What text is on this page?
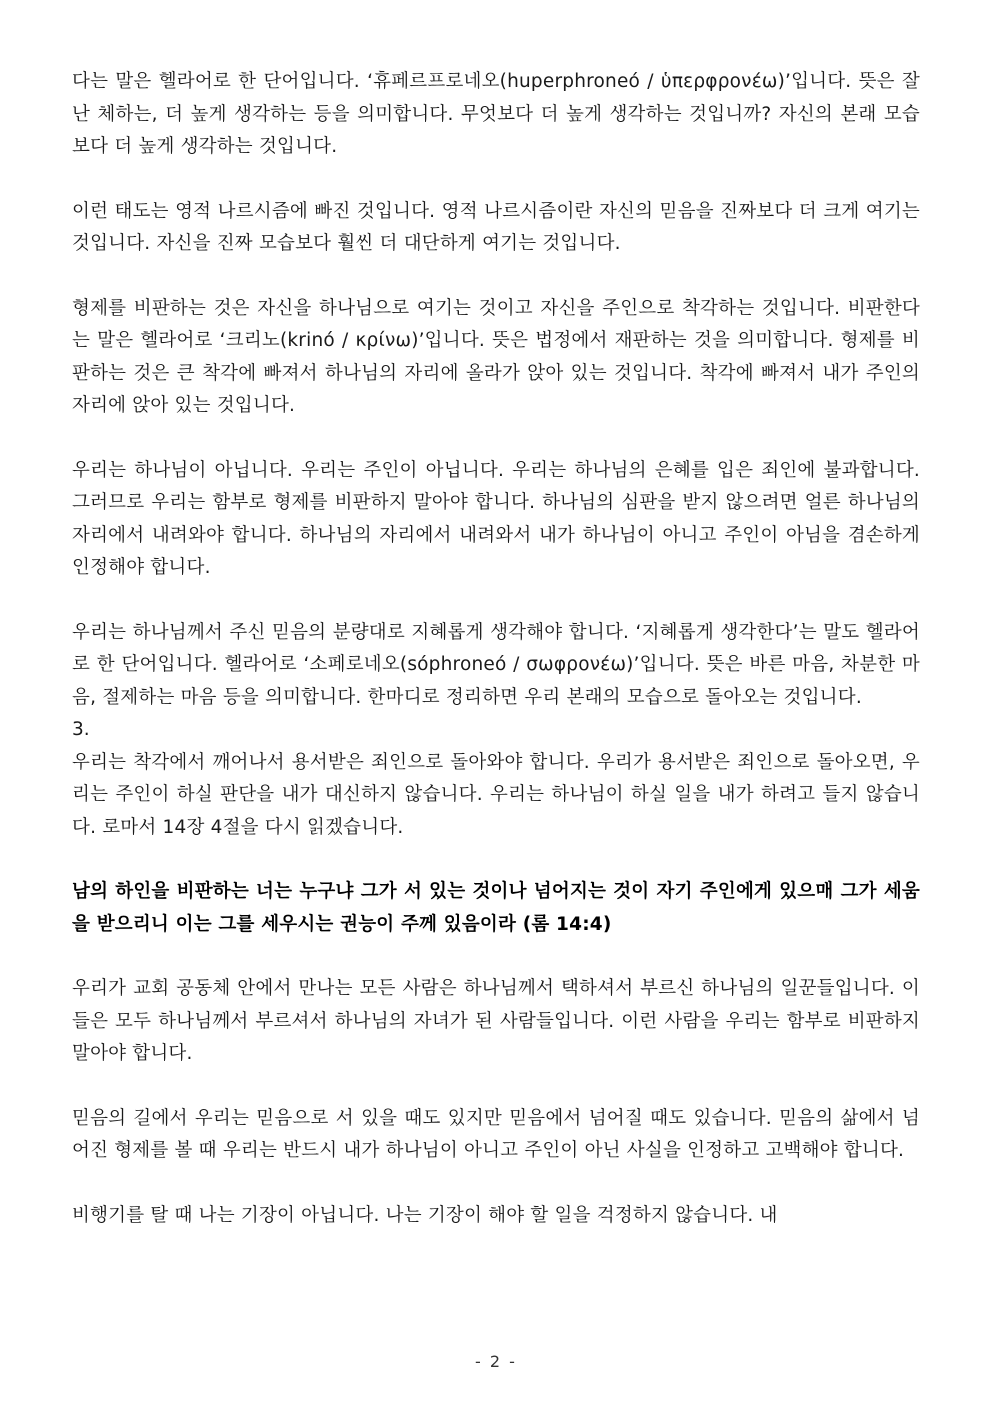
다는 말은 헬라어로 한 단어입니다. ‘휴페르프로네오(huperphroneó / ὑπερφρονέω)’입니다. 뜻은 잘난 체하는, 더 높게 생각하는 등을 의미합니다. 무엇보다 더 높게 생각하는 것입니까? 자신의 본래 모습보다 더 높게 생각하는 것입니다.

이런 태도는 영적 나르시즘에 빠진 것입니다. 영적 나르시즘이란 자신의 믿음을 진짜보다 더 크게 여기는 것입니다. 자신을 진짜 모습보다 훨씬 더 대단하게 여기는 것입니다.

형제를 비판하는 것은 자신을 하나님으로 여기는 것이고 자신을 주인으로 착각하는 것입니다. 비판한다는 말은 헬라어로 ‘크리노(krinó / κρίνω)’입니다. 뜻은 법정에서 재판하는 것을 의미합니다. 형제를 비판하는 것은 큰 착각에 빠져서 하나님의 자리에 올라가 앉아 있는 것입니다. 착각에 빠져서 내가 주인의 자리에 앉아 있는 것입니다.

우리는 하나님이 아닙니다. 우리는 주인이 아닙니다. 우리는 하나님의 은혜를 입은 죄인에 불과합니다. 그러므로 우리는 함부로 형제를 비판하지 말아야 합니다. 하나님의 심판을 받지 않으려면 얼른 하나님의 자리에서 내려와야 합니다. 하나님의 자리에서 내려와서 내가 하나님이 아니고 주인이 아님을 겸손하게 인정해야 합니다.

우리는 하나님께서 주신 믿음의 분량대로 지혜롭게 생각해야 합니다. ‘지혜롭게 생각한다’는 말도 헬라어로 한 단어입니다. 헬라어로 ‘소페로네오(sóphroneó / σωφρονέω)’입니다. 뜻은 바른 마음, 차분한 마음, 절제하는 마음 등을 의미합니다. 한마디로 정리하면 우리 본래의 모습으로 돌아오는 것입니다.

3.

우리는 착각에서 깨어나서 용서받은 죄인으로 돌아와야 합니다. 우리가 용서받은 죄인으로 돌아오면, 우리는 주인이 하실 판단을 내가 대신하지 않습니다. 우리는 하나님이 하실 일을 내가 하려고 들지 않습니다. 로마서 14장 4절을 다시 읽겠습니다.

남의 하인을 비판하는 너는 누구냐 그가 서 있는 것이나 넘어지는 것이 자기 주인에게 있으매 그가 세움을 받으리니 이는 그를 세우시는 권능이 주께 있음이라 (롬 14:4)

우리가 교회 공동체 안에서 만나는 모든 사람은 하나님께서 택하셔서 부르신 하나님의 일꾼들입니다. 이들은 모두 하나님께서 부르셔서 하나님의 자녀가 된 사람들입니다. 이런 사람을 우리는 함부로 비판하지 말아야 합니다.

믿음의 길에서 우리는 믿음으로 서 있을 때도 있지만 믿음에서 넘어질 때도 있습니다. 믿음의 삶에서 넘어진 형제를 볼 때 우리는 반드시 내가 하나님이 아니고 주인이 아닌 사실을 인정하고 고백해야 합니다.

비행기를 탈 때 나는 기장이 아닙니다. 나는 기장이 해야 할 일을 걱정하지 않습니다. 내

- 2 -
